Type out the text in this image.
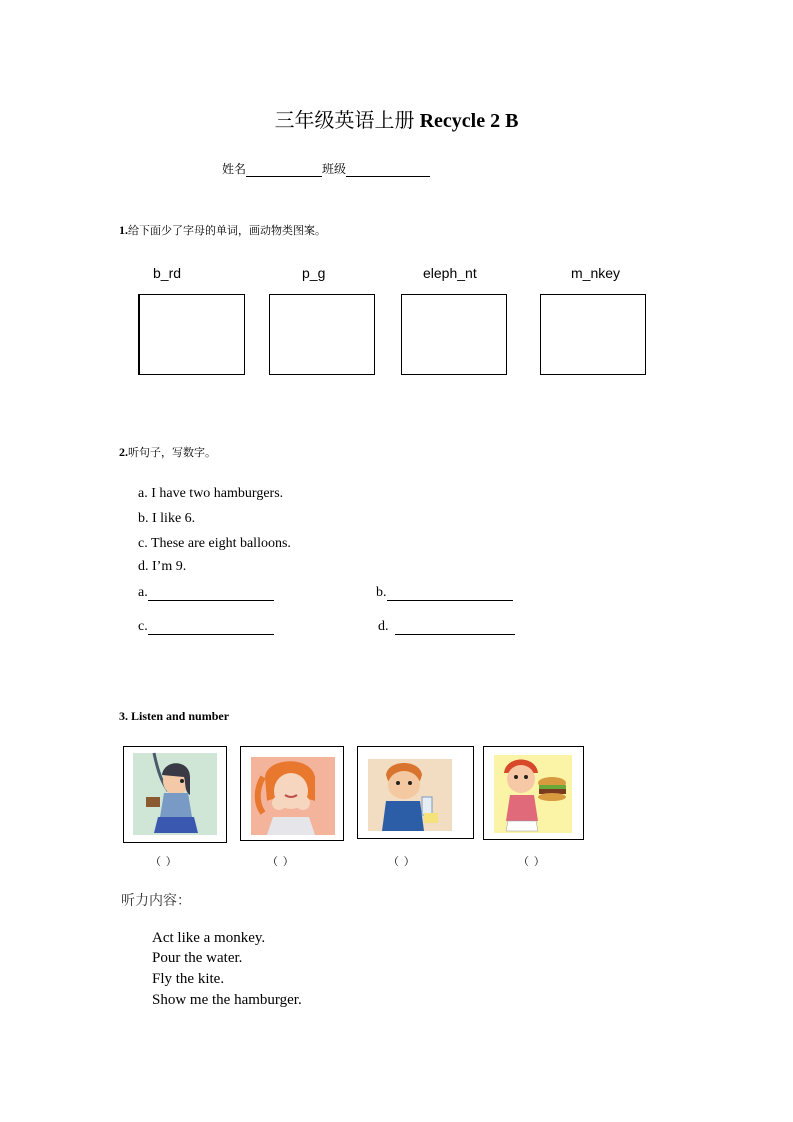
三年级英语上册 Recycle 2 B
姓名	班级
1.给下面少了字母的单词，画动物类图案。
b_rd	p_g	eleph_nt	m_nkey
2.听句子，写数字。
a. I have two hamburgers.
b. I like 6.
c. These are eight balloons.
d. I’m 9.
a.	b.
c.	d.
3. Listen and number
（ ）	（ ）	（ ）	（ ）
听力内容：
Act like a monkey.
Pour the water.
Fly the kite.
Show me the hamburger.
